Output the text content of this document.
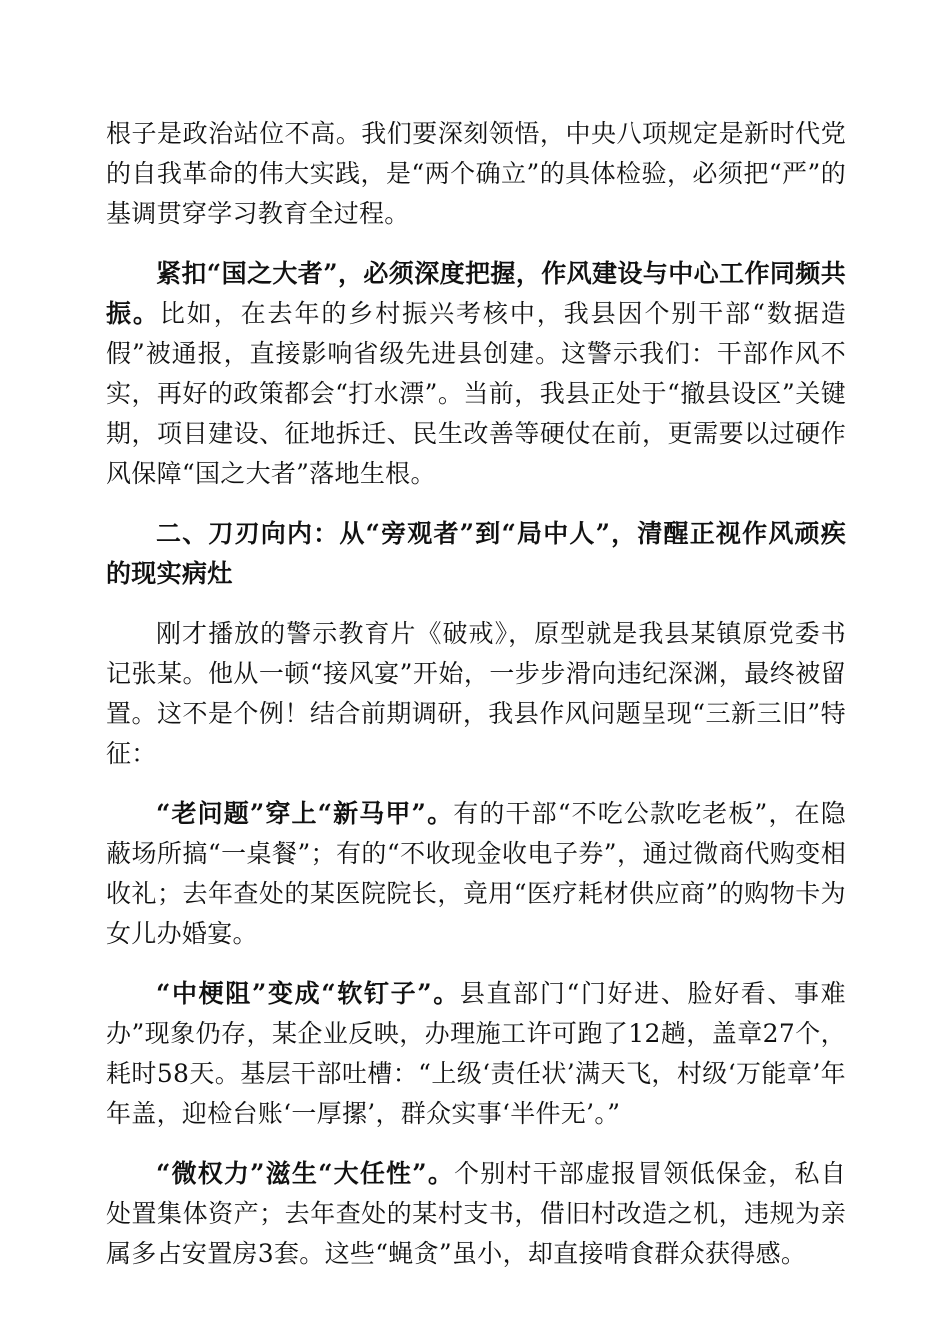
根子是政治站位不高。我们要深刻领悟，中央八项规定是新时代党的自我革命的伟大实践，是“两个确立”的具体检验，必须把“严”的基调贯穿学习教育全过程。

紧扣“国之大者”，必须深度把握，作风建设与中心工作同频共振。比如，在去年的乡村振兴考核中，我县因个别干部“数据造假”被通报，直接影响省级先进县创建。这警示我们：干部作风不实，再好的政策都会“打水漂”。当前，我县正处于“撤县设区”关键期，项目建设、征地拆迁、民生改善等硬仗在前，更需要以过硬作风保障“国之大者”落地生根。

二、刀刃向内：从“旁观者”到“局中人”，清醒正视作风顽疾的现实病灶

刚才播放的警示教育片《破戒》，原型就是我县某镇原党委书记张某。他从一顿“接风宴”开始，一步步滑向违纪深渊，最终被留置。这不是个例！结合前期调研，我县作风问题呈现“三新三旧”特征：

“老问题”穿上“新马甲”。有的干部“不吃公款吃老板”，在隐蔽场所搞“一桌餐”；有的“不收现金收电子券”，通过微商代购变相收礼；去年查处的某医院院长，竟用“医疗耗材供应商”的购物卡为女儿办婚宴。

“中梗阻”变成“软钉子”。县直部门“门好进、脸好看、事难办”现象仍存，某企业反映，办理施工许可跑了12趟，盖章27个，耗时58天。基层干部吐槽：“上级‘责任状’满天飞，村级‘万能章’年年盖，迎检台账‘一厚摞’，群众实事‘半件无’。”

“微权力”滋生“大任性”。个别村干部虚报冒领低保金，私自处置集体资产；去年查处的某村支书，借旧村改造之机，违规为亲属多占安置房3套。这些“蝇贪”虽小，却直接啃食群众获得感。
